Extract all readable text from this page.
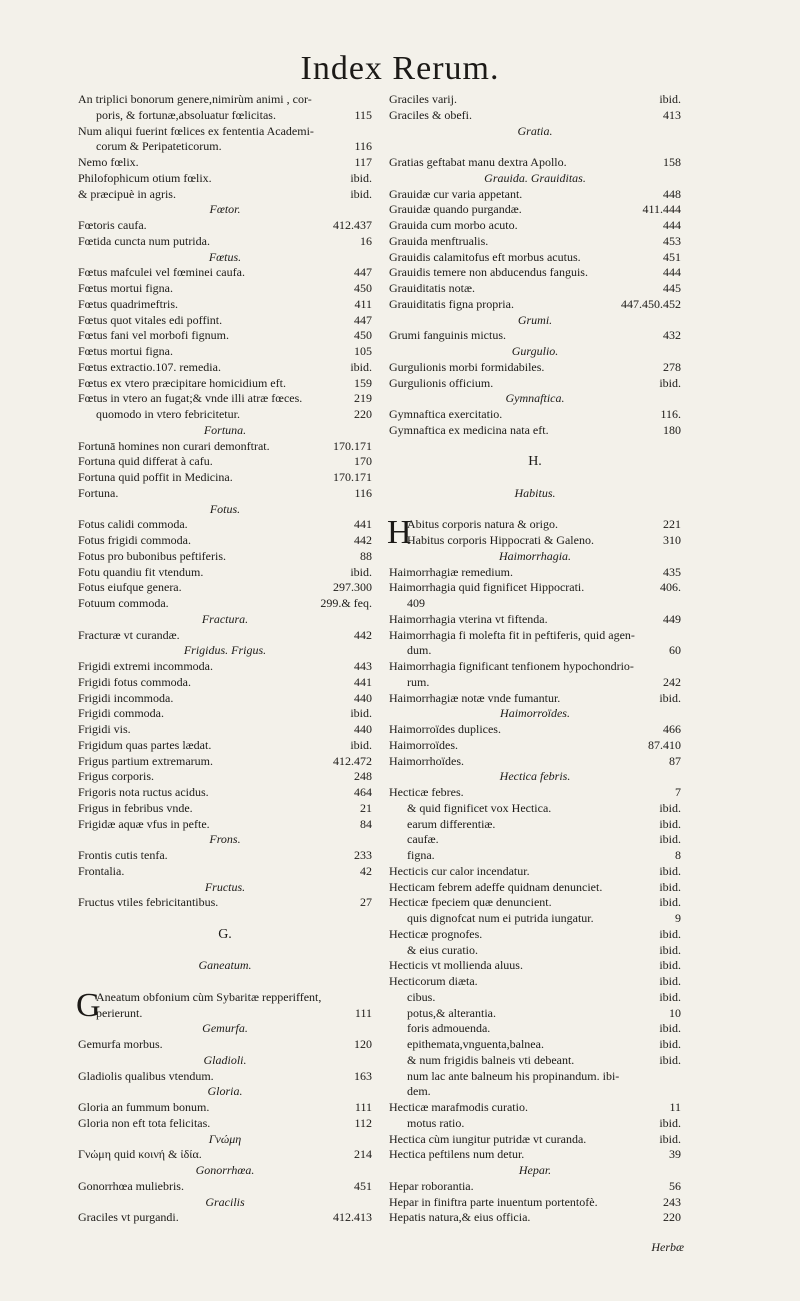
Index Rerum.
An triplici bonorum genere,nimirùm animi , cor-
poris, & fortunæ,absoluatur fœlicitas.	115
Num aliqui fuerint fœlices ex fententia Academi-
corum & Peripateticorum.	116
Nemo fœlix.	117
Philofophicum otium fœlix.	ibid.
& præcipuè in agris.	ibid.
Fœtor.
Fœtoris caufa.	412.437
Fœtida cuncta num putrida.	16
Fœtus.
Fœtus mafculei vel fœminei caufa.	447
Fœtus mortui figna.	450
Fœtus quadrimeftris.	411
Fœtus quot vitales edi poffint.	447
Fœtus fani vel morbofi fignum.	450
Fœtus mortui figna.	105
Fœtus extractio.107. remedia.	ibid.
Fœtus ex vtero præcipitare homicidium eft.	159
Fœtus in vtero an fugat;& vnde illi atræ fœces.	219
quomodo in vtero febricitetur.	220
Fortuna.
Fortunā homines non curari demonftrat.	170.171
Fortuna quid differat à cafu.	170
Fortuna quid poffit in Medicina.	170.171
Fortuna.	116
Fotus.
Fotus calidi commoda.	441
Fotus frigidi commoda.	442
Fotus pro bubonibus peftiferis.	88
Fotu quandiu fit vtendum.	ibid.
Fotus eiufque genera.	297.300
Fotuum commoda.	299.& feq.
Fractura.
Fracturæ vt curandæ.	442
Frigidus. Frigus.
Frigidi extremi incommoda.	443
Frigidi fotus commoda.	441
Frigidi incommoda.	440
Frigidi commoda.	ibid.
Frigidi vis.	440
Frigidum quas partes lædat.	ibid.
Frigus partium extremarum.	412.472
Frigus corporis.	248
Frigoris nota ructus acidus.	464
Frigus in febribus vnde.	21
Frigidæ aquæ vfus in pefte.	84
Frons.
Frontis cutis tenfa.	233
Frontalia.	42
Fructus.
Fructus vtiles febricitantibus.	27
G.
Ganeatum.
G
Aneatum obfonium cùm Sybaritæ repperiffent,
perierunt.	111
Gemurfa.
Gemurfa morbus.	120
Gladioli.
Gladiolis qualibus vtendum.	163
Gloria.
Gloria an fummum bonum.	111
Gloria non eft tota felicitas.	112
Γνώμη
Γνώμη quid κοινή & ἰδία.	214
Gonorrhœa.
Gonorrhœa muliebris.	451
Gracilis
Graciles vt purgandi.	412.413
Graciles varij.	ibid.
Graciles & obefi.	413
Gratia.
Gratias geftabat manu dextra Apollo.	158
Grauida. Grauiditas.
Grauidæ cur varia appetant.	448
Grauidæ quando purgandæ.	411.444
Grauida cum morbo acuto.	444
Grauida menftrualis.	453
Grauidis calamitofus eft morbus acutus.	451
Grauidis temere non abducendus fanguis.	444
Grauiditatis notæ.	445
Grauiditatis figna propria.	447.450.452
Grumi.
Grumi fanguinis mictus.	432
Gurgulio.
Gurgulionis morbi formidabiles.	278
Gurgulionis officium.	ibid.
Gymnaftica.
Gymnaftica exercitatio.	116.
Gymnaftica ex medicina nata eft.	180
H.
Habitus.
H
Abitus corporis natura & origo.	221
Habitus corporis Hippocrati & Galeno.	310
Haimorrhagia.
Haimorrhagiæ remedium.	435
Haimorrhagia quid fignificet Hippocrati.	406.
409
Haimorrhagia vterina vt fiftenda.	449
Haimorrhagia fi molefta fit in peftiferis, quid agen-
dum.	60
Haimorrhagia fignificant tenfionem hypochondrio-
rum.	242
Haimorrhagiæ notæ vnde fumantur.	ibid.
Haimorroïdes.
Haimorroïdes duplices.	466
Haimorroïdes.	87.410
Haimorrhoïdes.	87
Hectica febris.
Hecticæ febres.	7
& quid fignificet vox Hectica.	ibid.
earum differentiæ.	ibid.
caufæ.	ibid.
figna.	8
Hecticis cur calor incendatur.	ibid.
Hecticam febrem adeffe quidnam denunciet.	ibid.
Hecticæ fpeciem quæ denuncient.	ibid.
quis dignofcat num ei putrida iungatur.	9
Hecticæ prognofes.	ibid.
& eius curatio.	ibid.
Hecticis vt molliendа aluus.	ibid.
Hecticorum diæta.	ibid.
cibus.	ibid.
potus,& alterantia.	10
foris admouenda.	ibid.
epithemata,vnguenta,balnea.	ibid.
& num frigidis balneis vti debeant.	ibid.
num lac ante balneum his propinandum. ibi-
dem.
Hecticæ marafmodis curatio.	11
motus ratio.	ibid.
Hectica cùm iungitur putridæ vt curanda.	ibid.
Hectica peftilens num detur.	39
Hepar.
Hepar roborantia.	56
Hepar in finiftra parte inuentum portentofè.	243
Hepatis natura,& eius officia.	220
Herbæ
